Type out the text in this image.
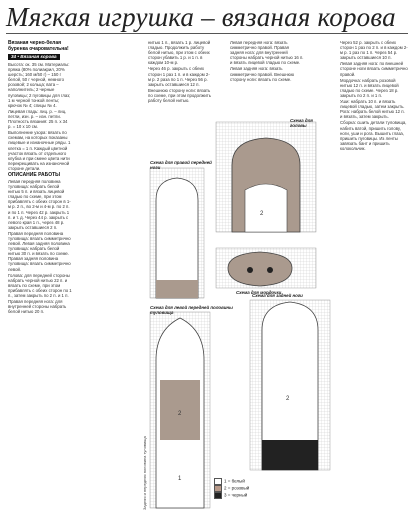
Мягкая игрушка – вязаная корова

Вязаная черно-белая буренка очаровательна!

34 • Вязаная корова

Высота: ок. 35 см. Материалы: пряжа (80% полиакрил, 20% шерсть; 160 м/50 г) – 150 г белой, 50 г черной, немного розовой; 2 кольца; вата – наполнитель; 2 черные пуговицы; 2 пуговицы для глаз; 1 м черной тонкой ленты; крючок № 4; спицы № 4.

Лицевая гладь: лиц. р. – лиц. петли, изн. р. – изн. петли. Плотность вязания: 25 п. x 34 р. = 10 x 10 см.

Выполнение узора: вязать по схемам, на которых показаны лицевые и изнаночные ряды. 1 клетка = 1 п. Каждый цветной участок вязать от отдельного клубка и при смене цвета нити перекрещивать на изнаночной стороне детали.

ОПИСАНИЕ РАБОТЫ

Левая передняя половина туловища: набрать белой нитью 5 п. и вязать лицевой гладью по схеме, при этом прибавлять с обеих сторон в 1-м р. 2 п., во 2-м и 4-м р. по 2 п. и по 1 п. Через 42 р. закрыть 1 п. и т. д. Через 44 р. закрыть с левого края 1 п., через 48 р. закрыть оставшиеся 2 п.

Правая передняя половина туловища: вязать симметрично левой. Левая задняя половина туловища: набрать белой нитью 30 п. и вязать по схеме. Правая задняя половина туловища: вязать симметрично левой.

Голова: для передней стороны набрать черной нитью 22 п. и вязать по схеме, при этом прибавлять с обеих сторон по 1 п., затем закрыть по 2 п. и 1 п.

Правая передняя нога: для внутренней стороны набрать белой нитью 20 п.

нитью 1 п., вязать 1 р. лицевой гладью. Продолжить работу белой нитью, при этом с обеих сторон убавить 1 р. и 1 п. в каждом 10-м р.

Через 46 р. закрыть с обеих сторон 1 раз 1 п. и в каждом 2-м р. 2 раза по 1 п. Через 56 р. закрыть оставшиеся 12 п.

Внешнюю сторону ноги: вязать по схеме, при этом продолжить работу белой нитью.

Левая передняя нога: вязать симметрично правой. Правая задняя нога: для внутренней стороны набрать черной нитью 16 п. и вязать лицевой гладью по схеме.

Левая задняя нога: вязать симметрично правой. Внешнюю сторону ноги: вязать по схеме.

Через 52 р. закрыть с обеих сторон 1 раз по 2 п. и в каждом 2-м р. 1 раз по 1 п. Через 54 р. закрыть оставшиеся 10 п.

Левая задняя нога: по внешней стороне ноги вязать симметрично правой.

Мордочка: набрать розовой нитью 12 п. и вязать лицевой гладью по схеме. Через 18 р. закрыть по 2 п. и 1 п.

Уши: набрать 10 п. и вязать лицевой гладью, затем закрыть. Рога: набрать белой нитью 12 п. и вязать, затем закрыть.

Сборка: сшить детали туловища, набить ватой, пришить голову, ноги, уши и рога. Вышить глаза, пришить пуговицы. Из ленты завязать бант и пришить колокольчик.

2
2
1
2
Схема для правой передней ноги
Схема для головы
Схема для мордочки
Схема для левой передней половины туловища
Схема для задней ноги
Задняя и передняя половина туловища	1 = белый
2 = розовый
3 = черный
